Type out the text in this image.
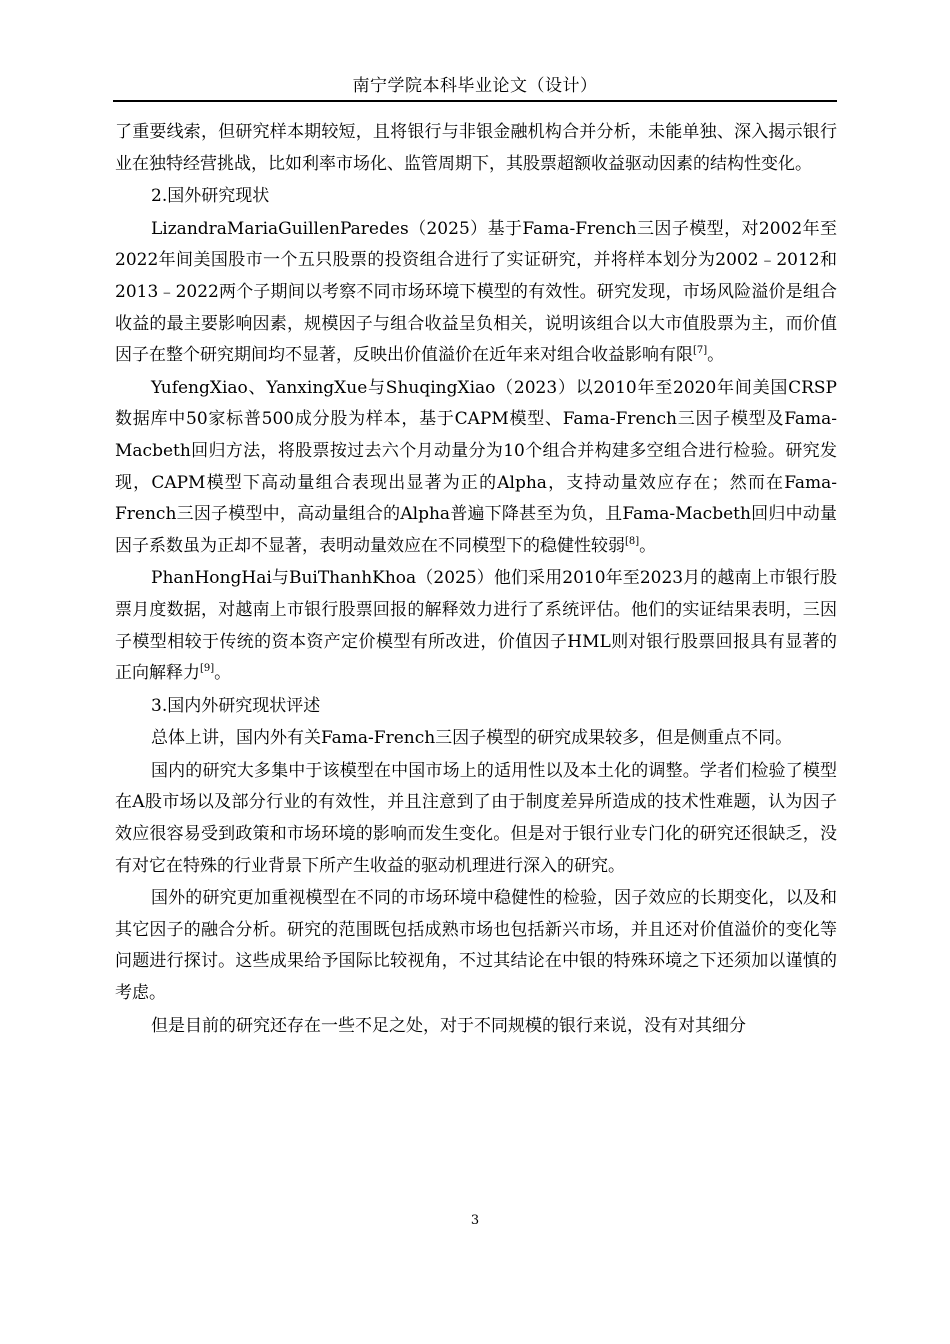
南宁学院本科毕业论文（设计）

了重要线索，但研究样本期较短，且将银行与非银金融机构合并分析，未能单独、深入揭示银行业在独特经营挑战，比如利率市场化、监管周期下，其股票超额收益驱动因素的结构性变化。

2.国外研究现状

LizandraMariaGuillenParedes（2025）基于Fama-French三因子模型，对2002年至2022年间美国股市一个五只股票的投资组合进行了实证研究，并将样本划分为2002﹣2012和2013﹣2022两个子期间以考察不同市场环境下模型的有效性。研究发现，市场风险溢价是组合收益的最主要影响因素，规模因子与组合收益呈负相关，说明该组合以大市值股票为主，而价值因子在整个研究期间均不显著，反映出价值溢价在近年来对组合收益影响有限[7]。

YufengXiao、YanxingXue与ShuqingXiao（2023）以2010年至2020年间美国CRSP数据库中50家标普500成分股为样本，基于CAPM模型、Fama-French三因子模型及Fama-Macbeth回归方法，将股票按过去六个月动量分为10个组合并构建多空组合进行检验。研究发现，CAPM模型下高动量组合表现出显著为正的Alpha，支持动量效应存在；然而在Fama-French三因子模型中，高动量组合的Alpha普遍下降甚至为负，且Fama-Macbeth回归中动量因子系数虽为正却不显著，表明动量效应在不同模型下的稳健性较弱[8]。

PhanHongHai与BuiThanhKhoa（2025）他们采用2010年至2023月的越南上市银行股票月度数据，对越南上市银行股票回报的解释效力进行了系统评估。他们的实证结果表明，三因子模型相较于传统的资本资产定价模型有所改进，价值因子HML则对银行股票回报具有显著的正向解释力[9]。

3.国内外研究现状评述

总体上讲，国内外有关Fama-French三因子模型的研究成果较多，但是侧重点不同。

国内的研究大多集中于该模型在中国市场上的适用性以及本土化的调整。学者们检验了模型在A股市场以及部分行业的有效性，并且注意到了由于制度差异所造成的技术性难题，认为因子效应很容易受到政策和市场环境的影响而发生变化。但是对于银行业专门化的研究还很缺乏，没有对它在特殊的行业背景下所产生收益的驱动机理进行深入的研究。

国外的研究更加重视模型在不同的市场环境中稳健性的检验，因子效应的长期变化，以及和其它因子的融合分析。研究的范围既包括成熟市场也包括新兴市场，并且还对价值溢价的变化等问题进行探讨。这些成果给予国际比较视角，不过其结论在中银的特殊环境之下还须加以谨慎的考虑。

但是目前的研究还存在一些不足之处，对于不同规模的银行来说，没有对其细分

3
